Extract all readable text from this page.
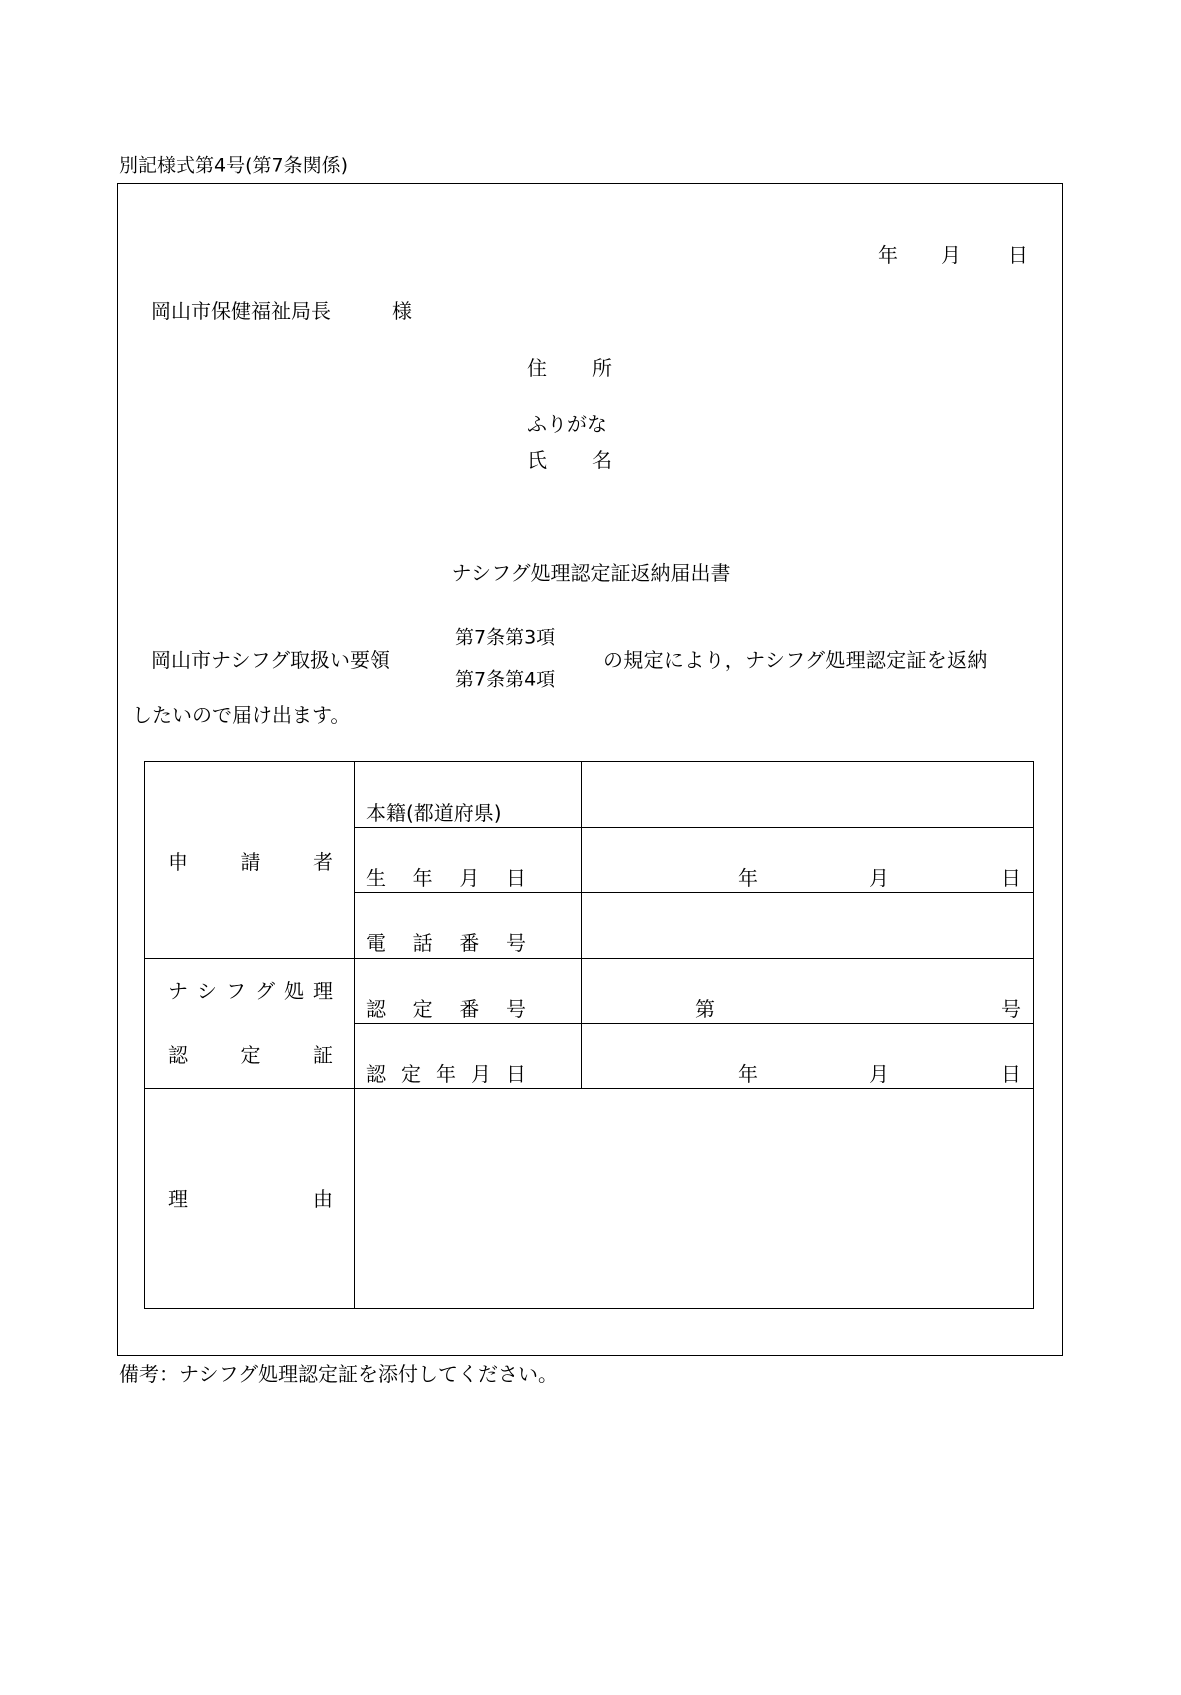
別記様式第4号(第7条関係)
年 月 日
岡山市保健福祉局長	様
住 所
ふりがな
氏 名
ナシフグ処理認定証返納届出書
岡山市ナシフグ取扱い要領
第7条第3項
第7条第4項
の規定により，ナシフグ処理認定証を返納
したいので届け出ます。
申	請	者
本籍(都道府県)
生 年 月 日	年	月	日
電 話 番 号
ナ シ フ グ 処 理
認	定	証
認 定 番 号	第	号
認 定 年 月 日	年	月	日
理	由
備考：ナシフグ処理認定証を添付してください。
